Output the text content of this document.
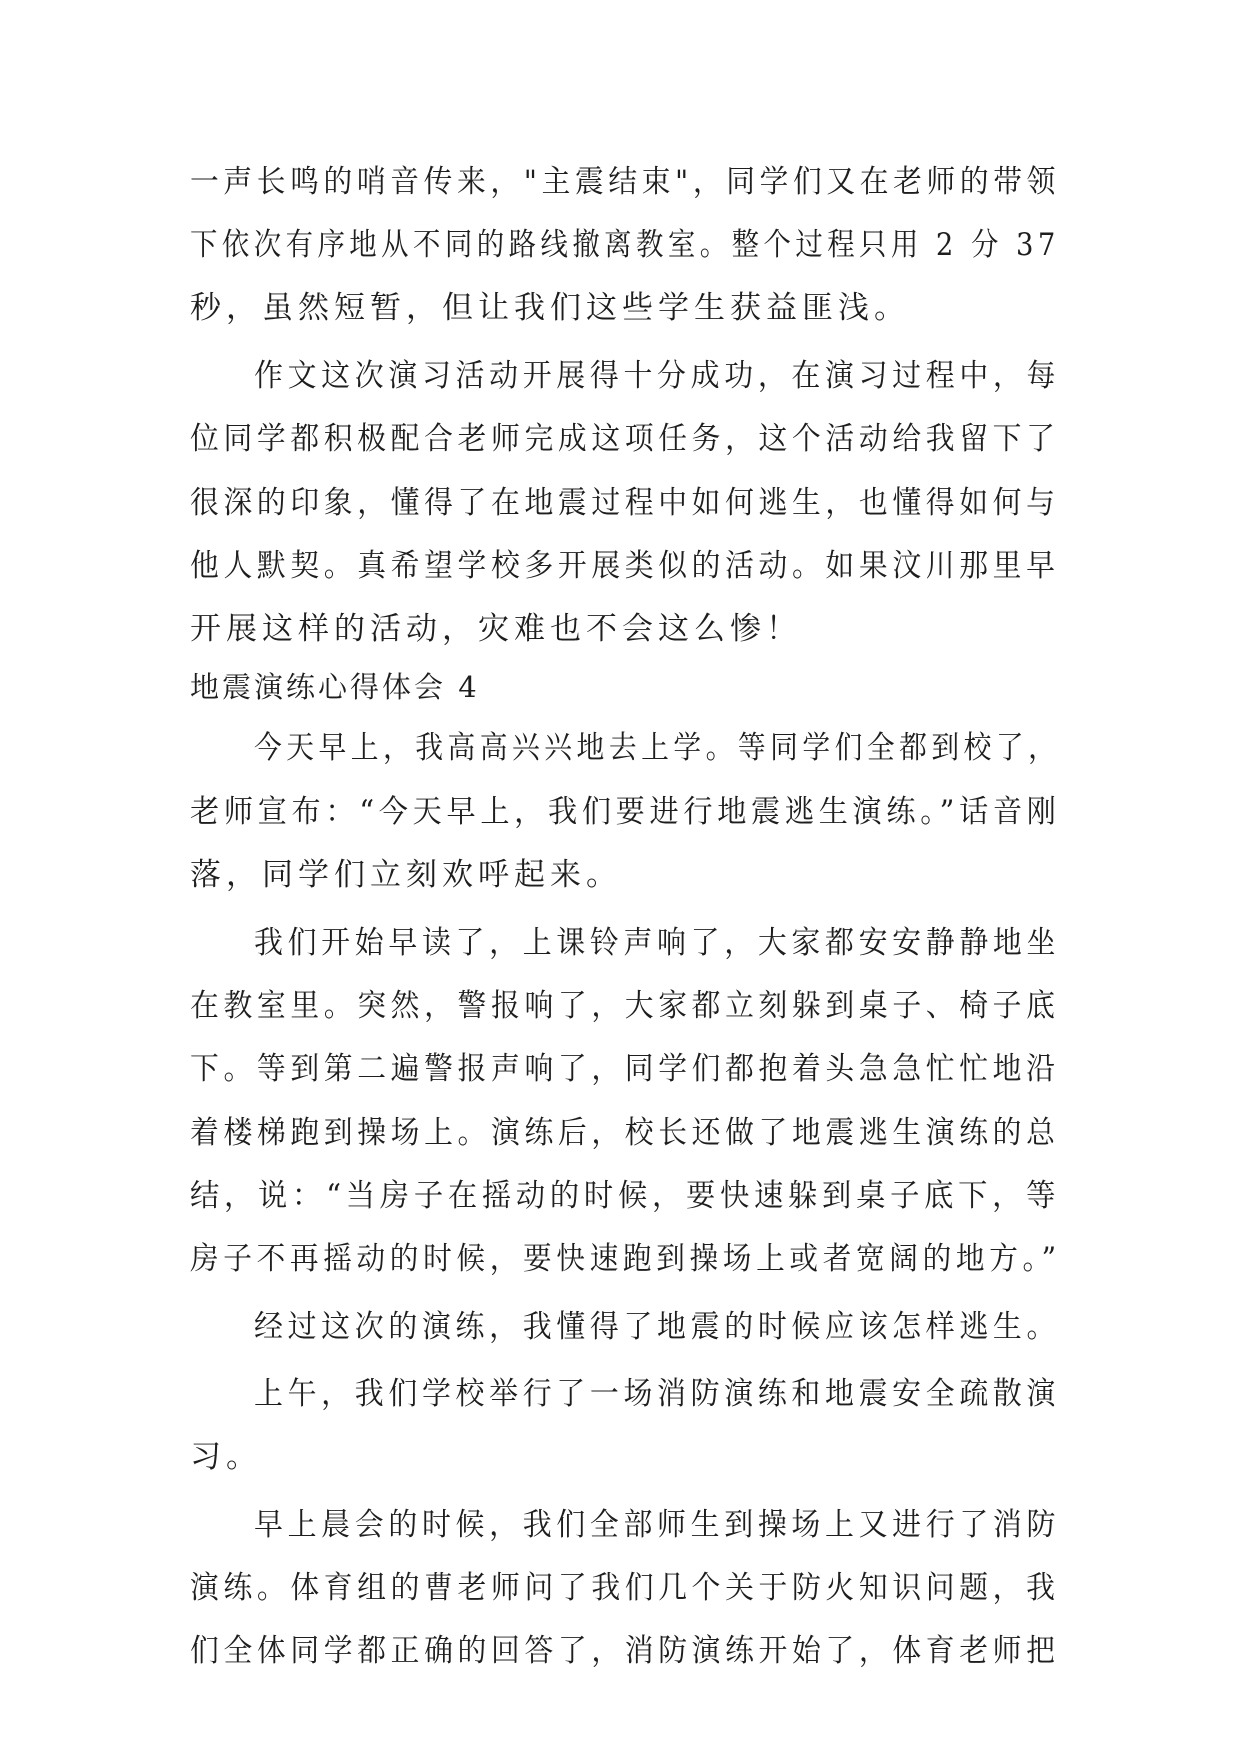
一声长鸣的哨音传来，"主震结束"，同学们又在老师的带领
下依次有序地从不同的路线撤离教室。整个过程只用 2 分 37
秒，虽然短暂，但让我们这些学生获益匪浅。
作文这次演习活动开展得十分成功，在演习过程中，每
位同学都积极配合老师完成这项任务，这个活动给我留下了
很深的印象，懂得了在地震过程中如何逃生，也懂得如何与
他人默契。真希望学校多开展类似的活动。如果汶川那里早
开展这样的活动，灾难也不会这么惨！
地震演练心得体会 4
今天早上，我高高兴兴地去上学。等同学们全都到校了，
老师宣布：“今天早上，我们要进行地震逃生演练。”话音刚
落，同学们立刻欢呼起来。
我们开始早读了，上课铃声响了，大家都安安静静地坐
在教室里。突然，警报响了，大家都立刻躲到桌子、椅子底
下。等到第二遍警报声响了，同学们都抱着头急急忙忙地沿
着楼梯跑到操场上。演练后，校长还做了地震逃生演练的总
结，说：“当房子在摇动的时候，要快速躲到桌子底下，等
房子不再摇动的时候，要快速跑到操场上或者宽阔的地方。”
经过这次的演练，我懂得了地震的时候应该怎样逃生。
上午，我们学校举行了一场消防演练和地震安全疏散演
习。
早上晨会的时候，我们全部师生到操场上又进行了消防
演练。体育组的曹老师问了我们几个关于防火知识问题，我
们全体同学都正确的回答了，消防演练开始了，体育老师把
